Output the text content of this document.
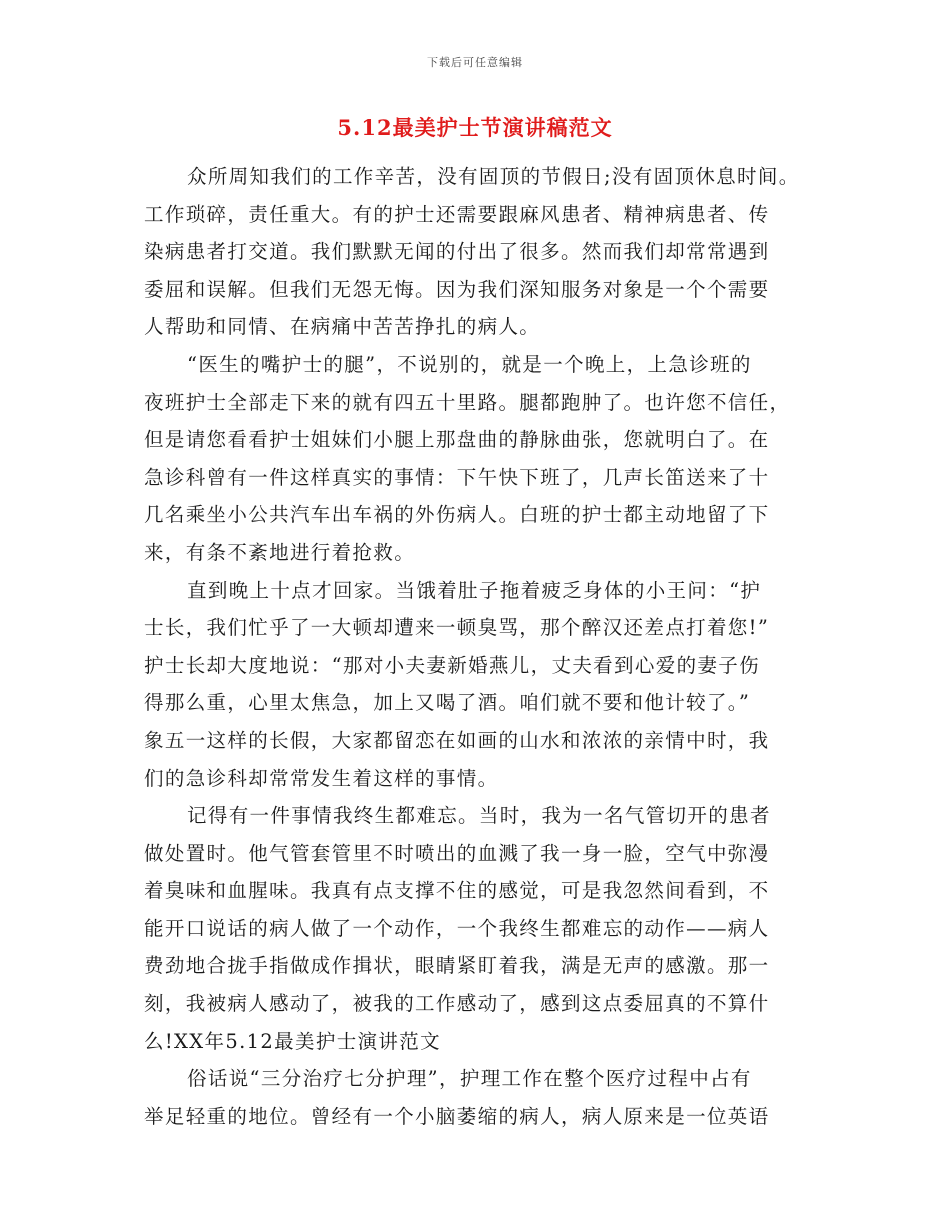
下载后可任意编辑
5.12最美护士节演讲稿范文
众所周知我们的工作辛苦，没有固顶的节假日;没有固顶休息时间。
工作琐碎，责任重大。有的护士还需要跟麻风患者、精神病患者、传
染病患者打交道。我们默默无闻的付出了很多。然而我们却常常遇到
委屈和误解。但我们无怨无悔。因为我们深知服务对象是一个个需要
人帮助和同情、在病痛中苦苦挣扎的病人。
“医生的嘴护士的腿”，不说别的，就是一个晚上，上急诊班的
夜班护士全部走下来的就有四五十里路。腿都跑肿了。也许您不信任，
但是请您看看护士姐妹们小腿上那盘曲的静脉曲张，您就明白了。在
急诊科曾有一件这样真实的事情：下午快下班了，几声长笛送来了十
几名乘坐小公共汽车出车祸的外伤病人。白班的护士都主动地留了下
来，有条不紊地进行着抢救。
直到晚上十点才回家。当饿着肚子拖着疲乏身体的小王问：“护
士长，我们忙乎了一大顿却遭来一顿臭骂，那个醉汉还差点打着您!”
护士长却大度地说：“那对小夫妻新婚燕儿，丈夫看到心爱的妻子伤
得那么重，心里太焦急，加上又喝了酒。咱们就不要和他计较了。”
象五一这样的长假，大家都留恋在如画的山水和浓浓的亲情中时，我
们的急诊科却常常发生着这样的事情。
记得有一件事情我终生都难忘。当时，我为一名气管切开的患者
做处置时。他气管套管里不时喷出的血溅了我一身一脸，空气中弥漫
着臭味和血腥味。我真有点支撑不住的感觉，可是我忽然间看到，不
能开口说话的病人做了一个动作，一个我终生都难忘的动作——病人
费劲地合拢手指做成作揖状，眼睛紧盯着我，满是无声的感激。那一
刻，我被病人感动了，被我的工作感动了，感到这点委屈真的不算什
么!XX年5.12最美护士演讲范文
俗话说“三分治疗七分护理”，护理工作在整个医疗过程中占有
举足轻重的地位。曾经有一个小脑萎缩的病人，病人原来是一位英语
